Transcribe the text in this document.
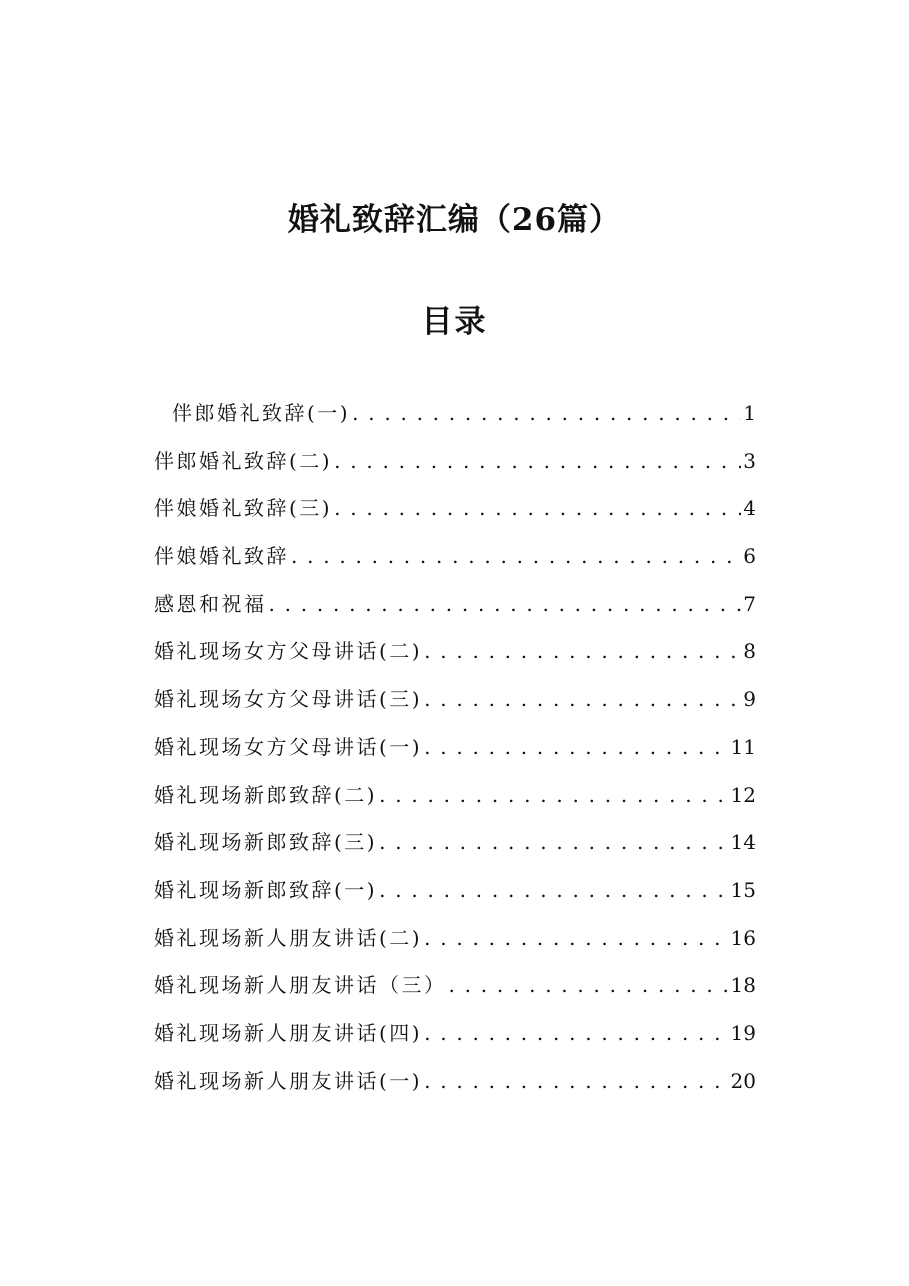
婚礼致辞汇编（26篇）
目录
伴郎婚礼致辞(一) . . .	1
伴郎婚礼致辞(二) . . .	3
伴娘婚礼致辞(三) . . .	4
伴娘婚礼致辞 . . .	6
感恩和祝福 . . .	7
婚礼现场女方父母讲话(二) . . .	8
婚礼现场女方父母讲话(三) . . .	9
婚礼现场女方父母讲话(一) . . .	11
婚礼现场新郎致辞(二) . . .	12
婚礼现场新郎致辞(三) . . .	14
婚礼现场新郎致辞(一) . . .	15
婚礼现场新人朋友讲话(二) . . .	16
婚礼现场新人朋友讲话（三） . . .	18
婚礼现场新人朋友讲话(四) . . .	19
婚礼现场新人朋友讲话(一) . . .	20
